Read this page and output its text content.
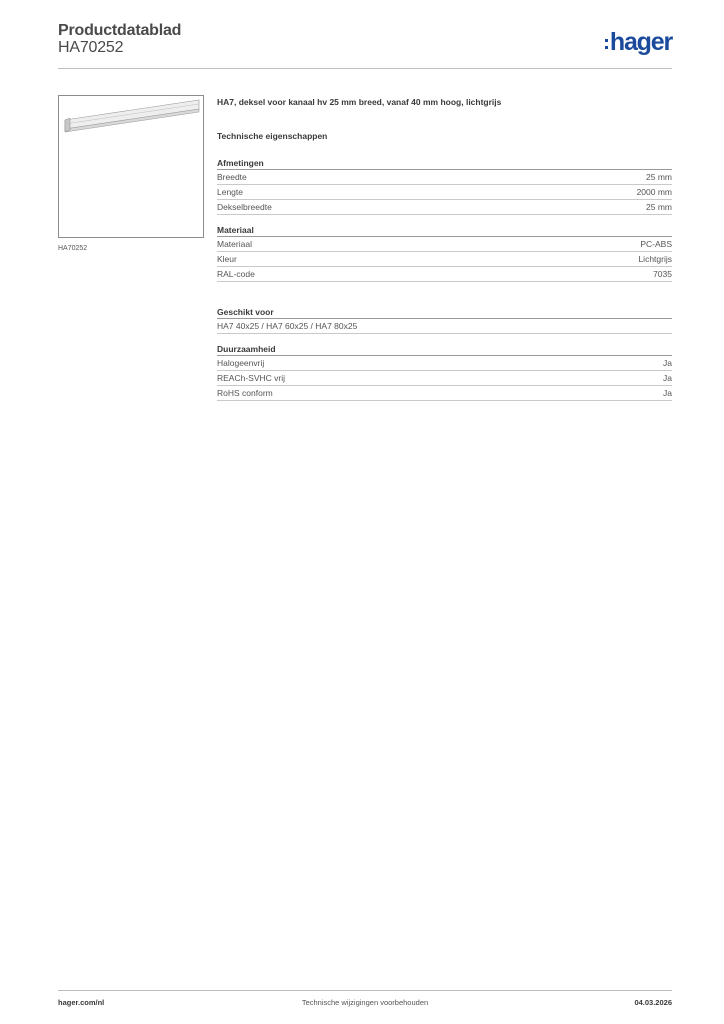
Productdatablad
HA70252	hager
HA70252
HA7, deksel voor kanaal hv 25 mm breed, vanaf 40 mm hoog, lichtgrijs
Technische eigenschappen
Afmetingen
Breedte	25 mm
Lengte	2000 mm
Dekselbreedte	25 mm
Materiaal
Materiaal	PC-ABS
Kleur	Lichtgrijs
RAL-code	7035
Geschikt voor
HA7 40x25 / HA7 60x25 / HA7 80x25
Duurzaamheid
Halogeenvrij	Ja
REACh-SVHC vrij	Ja
RoHS conform	Ja
hager.com/nl	Technische wijzigingen voorbehouden	04.03.2026
